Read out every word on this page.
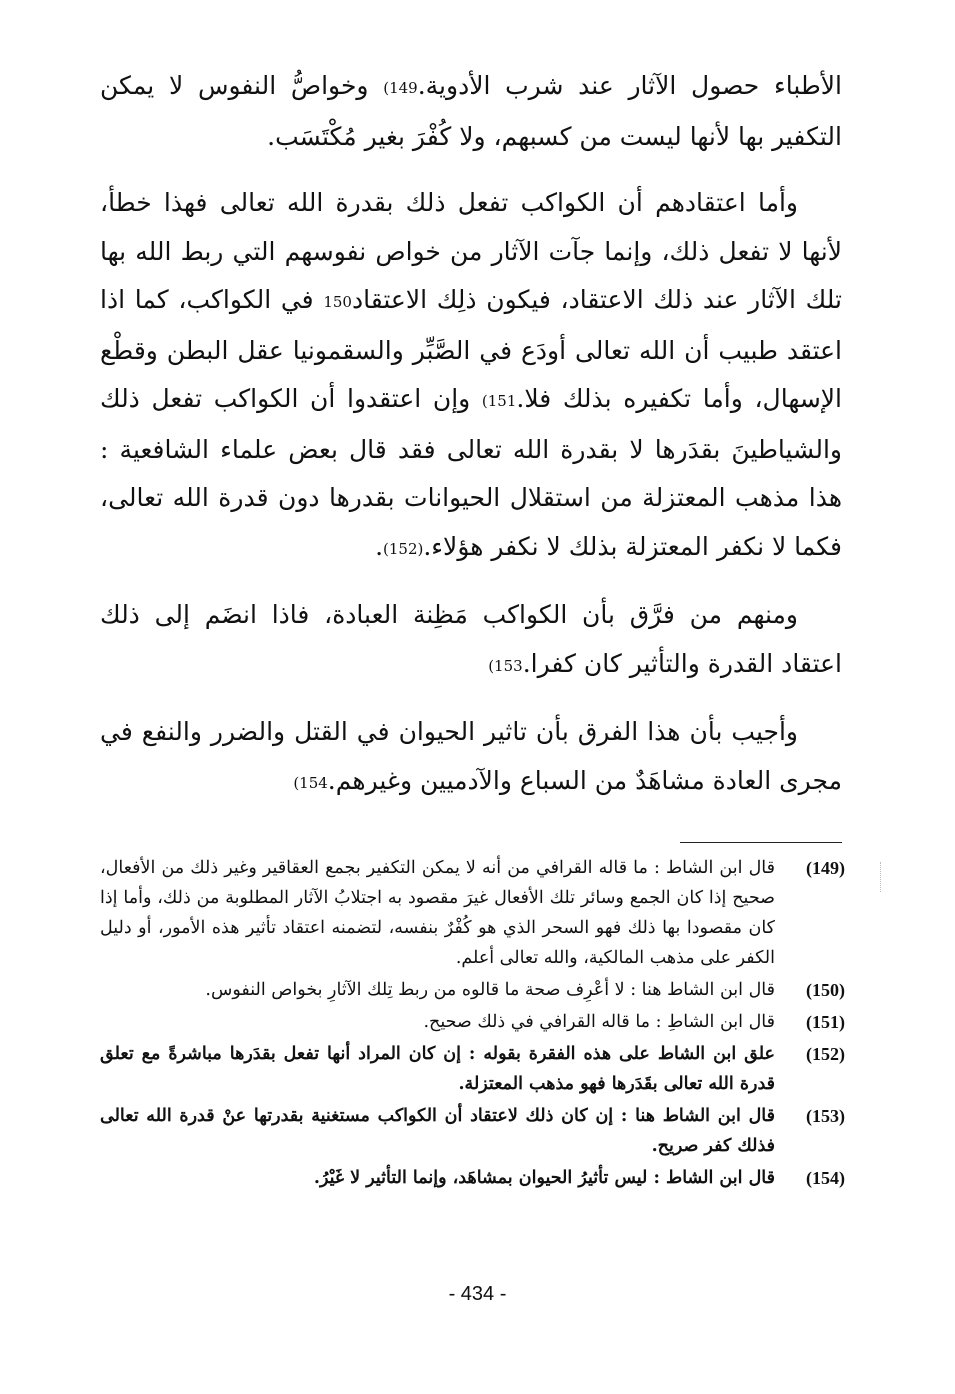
الأطباء حصول الآثار عند شرب الأدوية.(149 وخواصُّ النفوس لا يمكن التكفير بها لأنها ليست من كسبهم، ولا كُفْرَ بغير مُكْتَسَب.

وأما اعتقادهم أن الكواكب تفعل ذلك بقدرة الله تعالى فهذا خطأ، لأنها لا تفعل ذلك، وإنما جآت الآثار من خواص نفوسهم التي ربط الله بها تلك الآثار عند ذلك الاعتقاد، فيكون ذلِك الاعتقاد150 في الكواكب، كما اذا اعتقد طبيب أن الله تعالى أودَع في الصَّبِّر والسقمونيا عقل البطن وقطْع الإسهال، وأما تكفيره بذلك فلا.(151 وإن اعتقدوا أن الكواكب تفعل ذلك والشياطينَ بقدَرها لا بقدرة الله تعالى فقد قال بعض علماء الشافعية : هذا مذهب المعتزلة من استقلال الحيوانات بقدرها دون قدرة الله تعالى، فكما لا نكفر المعتزلة بذلك لا نكفر هؤلاء.(152).

ومنهم من فرَّق بأن الكواكب مَظِنة العبادة، فاذا انضَم إلى ذلك اعتقاد القدرة والتأثير كان كفرا.(153

وأجيب بأن هذا الفرق بأن تاثير الحيوان في القتل والضرر والنفع في مجرى العادة مشاهَدٌ من السباع والآدميين وغيرهم.(154

(149)
قال ابن الشاط : ما قاله القرافي من أنه لا يمكن التكفير بجمع العقاقير وغير ذلك من الأفعال، صحيح إذا كان الجمع وسائر تلك الأفعال غيرَ مقصود به اجتلابُ الآثار المطلوبة من ذلك، وأما إذا كان مقصودا بها ذلك فهو السحر الذي هو كُفْرٌ بنفسه، لتضمنه اعتقاد تأثير هذه الأمور، أو دليل الكفر على مذهب المالكية، والله تعالى أعلم.
(150)
قال ابن الشاط هنا : لا أعْرِف صحة ما قالوه من ربط تِلك الآثارِ بخواص النفوس.
(151)
قال ابن الشاطِ : ما قاله القرافي في ذلك صحيح.
(152)
علق ابن الشاط على هذه الفقرة بقوله : إن كان المراد أنها تفعل بقدَرها مباشرةً مع تعلق قدرة الله تعالى بقَدَرها فهو مذهب المعتزلة.
(153)
قال ابن الشاط هنا : إن كان ذلك لاعتقاد أن الكواكب مستغنية بقدرتها عنْ قدرة الله تعالى فذلك كفر صريح.
(154)
قال ابن الشاط : ليس تأثيرُ الحيوان بمشاهَد، وإنما التأثير لا غَيْرُ.
- 434 -
